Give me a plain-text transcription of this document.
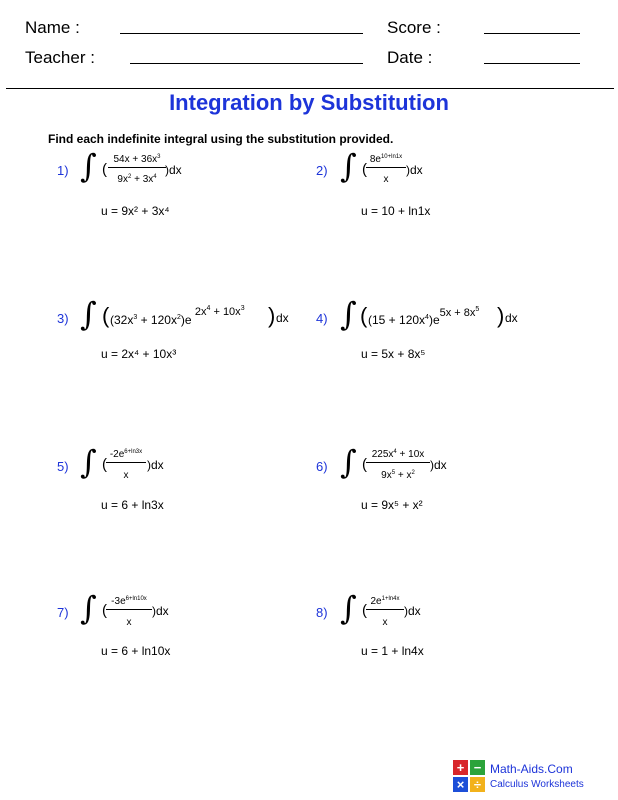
Name :	Score :
Teacher :	Date :
Integration by Substitution
Find each indefinite integral using the substitution provided.
1) ∫ (
$54x + 36x^3$
$9x^2 + 3x^4$ )dx
u = 9x² + 3x⁴
2) ∫ (
$8e^{10+ln1x}$
x
)dx
u = 10 + ln1x
3) ∫ ( $(32x^3 + 120x^2)e$ $2x^4 + 10x^3$ ) dx
u = 2x⁴ + 10x³
4) ∫ ( $(15 + 120x^4)e5x + 8x^5$ ) dx
u = 5x + 8x⁵
5) ∫ (
$-2e^{6+ln3x}$
x
)dx
u = 6 + ln3x
6) ∫ (
$225x^4 + 10x$
$9x^5 + x^2$
)dx
u = 9x⁵ + x²
7) ∫ (
$-3e^{6+ln10x}$
x
)dx
u = 6 + ln10x
8) ∫ (
$2e^{1+ln4x}$
x
)dx
u = 1 + ln4x
+ −
× ÷
Math-Aids.Com
Calculus Worksheets
